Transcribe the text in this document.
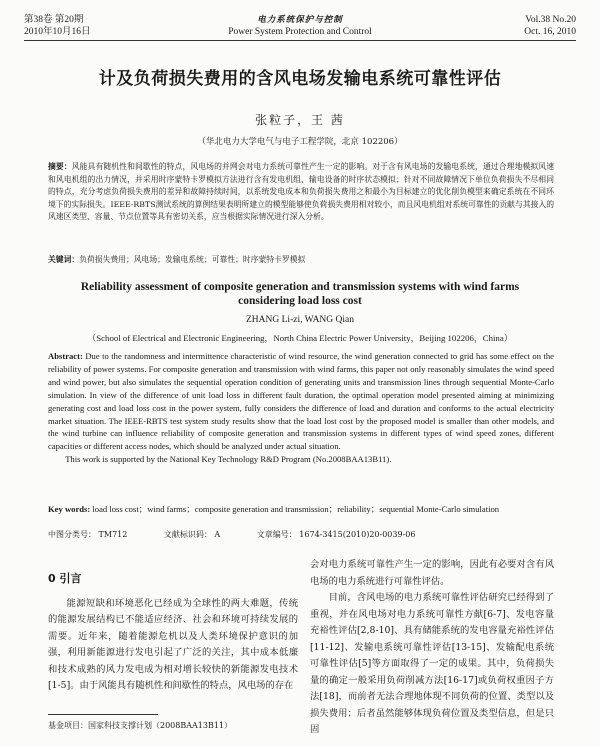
第38卷 第20期
2010年10月16日
电力系统保护与控制
Power System Protection and Control
Vol.38 No.20
Oct. 16, 2010
计及负荷损失费用的含风电场发输电系统可靠性评估
张粒子，王 茜
（华北电力大学电气与电子工程学院，北京 102206）
摘要：风能具有随机性和间歇性的特点，风电场的并网会对电力系统可靠性产生一定的影响。对于含有风电场的发输电系统，通过合理地模拟风速和风电机组的出力情况，并采用时序蒙特卡罗模拟方法进行含有发电机组、输电设备的时序状态模拟；针对不同故障情况下单位负荷损失不尽相同的特点，充分考虑负荷损失费用的差异和故障持续时间，以系统发电成本和负荷损失费用之和最小为目标建立的优化削负模型来确定系统在不同环境下的实际损失。IEEE-RBTS测试系统的算例结果表明所建立的模型能够使负荷损失费用相对较小，而且风电机组对系统可靠性的贡献与其接入的风速区类型、容量、节点位置等具有密切关系，应当根据实际情况进行深入分析。
关键词：负荷损失费用；风电场；发输电系统；可靠性；时序蒙特卡罗模拟
Reliability assessment of composite generation and transmission systems with wind farms considering load loss cost
ZHANG Li-zi, WANG Qian
（School of Electrical and Electronic Engineering，North China Electric Power University，Beijing 102206，China）
Abstract: Due to the randomness and intermittence characteristic of wind resource, the wind generation connected to grid has some effect on the reliability of power systems. For composite generation and transmission with wind farms, this paper not only reasonably simulates the wind speed and wind power, but also simulates the sequential operation condition of generating units and transmission lines through sequential Monte-Carlo simulation. In view of the difference of unit load loss in different fault duration, the optimal operation model presented aiming at minimizing generating cost and load loss cost in the power system, fully considers the difference of load and duration and conforms to the actual electricity market situation. The IEEE-RBTS test system study results show that the load lost cost by the proposed model is smaller than other models, and the wind turbine can influence reliability of composite generation and transmission systems in different types of wind speed zones, different capacities or different access nodes, which should be analyzed under actual situation.
This work is supported by the National Key Technology R&D Program (No.2008BAA13B11).
Key words: load loss cost；wind farms；composite generation and transmission；reliability；sequential Monte-Carlo simulation
中图分类号： TM712	文献标识码： A	文章编号： 1674-3415(2010)20-0039-06
0 引言

能源短缺和环境恶化已经成为全球性的两大难题，传统的能源发展结构已不能适应经济、社会和环境可持续发展的需要。近年来，随着能源危机以及人类环境保护意识的加强，利用新能源进行发电引起了广泛的关注，其中成本低廉和技术成熟的风力发电成为相对增长较快的新能源发电技术[1-5]。由于风能具有随机性和间歇性的特点，风电场的存在

会对电力系统可靠性产生一定的影响，因此有必要对含有风电场的电力系统进行可靠性评估。

目前，含风电场的电力系统可靠性评估研究已经得到了重视，并在风电场对电力系统可靠性方献[6-7]、发电容量充裕性评估[2,8-10]、具有储能系统的发电容量充裕性评估[11-12]、发输电系统可靠性评估[13-15]、发输配电系统可靠性评估[5]等方面取得了一定的成果。其中，负荷损失量的确定一般采用负荷削减方法[16-17]或负荷权重因子方法[18]，而前者无法合理地体现不同负荷的位置、类型以及损失费用；后者虽然能够体现负荷位置及类型信息，但是只固

基金项目：国家科技支撑计划（2008BAA13B11）
